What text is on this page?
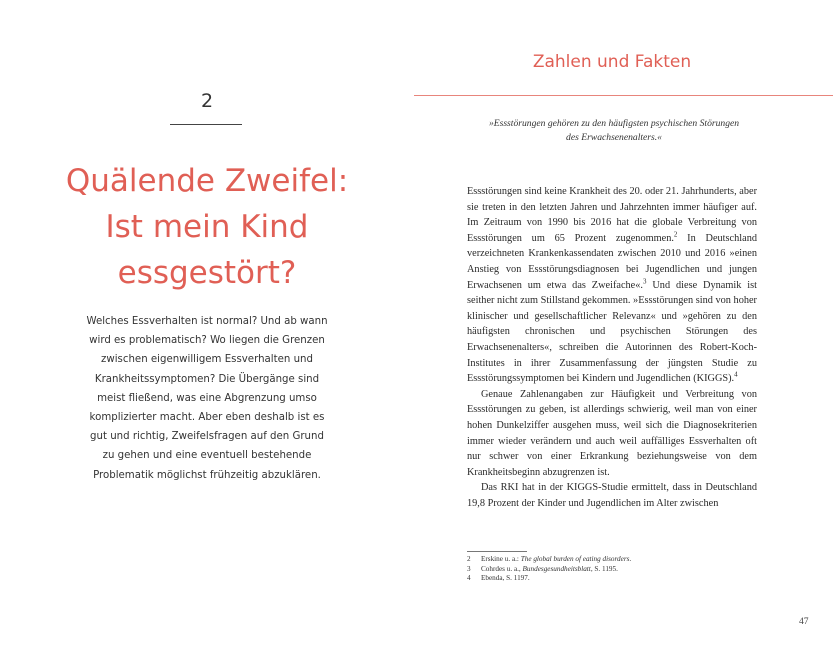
2
Quälende Zweifel:
Ist mein Kind
essgestört?

Welches Essverhalten ist normal? Und ab wann wird es problematisch? Wo liegen die Grenzen zwischen eigenwilligem Essverhalten und Krankheitssymptomen? Die Übergänge sind meist fließend, was eine Abgrenzung umso komplizierter macht. Aber eben deshalb ist es gut und richtig, Zweifelsfragen auf den Grund zu gehen und eine eventuell bestehende Problematik möglichst frühzeitig abzuklären.

Zahlen und Fakten

»Essstörungen gehören zu den häufigsten psychischen Störungen des Erwachsenenalters.«

Essstörungen sind keine Krankheit des 20. oder 21. Jahrhunderts, aber sie treten in den letzten Jahren und Jahrzehnten immer häufiger auf. Im Zeitraum von 1990 bis 2016 hat die globale Verbreitung von Essstörungen um 65 Prozent zugenommen.$^2$ In Deutschland verzeichneten Krankenkassendaten zwischen 2010 und 2016 »einen Anstieg von Essstörungsdiagnosen bei Jugendlichen und jungen Erwachsenen um etwa das Zweifache«.$^3$ Und diese Dynamik ist seither nicht zum Stillstand gekommen. »Essstörungen sind von hoher klinischer und gesellschaftlicher Relevanz« und »gehören zu den häufigsten chronischen und psychischen Störungen des Erwachsenenalters«, schreiben die Autorinnen des Robert-Koch-Institutes in ihrer Zusammenfassung der jüngsten Studie zu Essstörungssymptomen bei Kindern und Jugendlichen (KIGGS).$^4$

Genaue Zahlenangaben zur Häufigkeit und Verbreitung von Essstörungen zu geben, ist allerdings schwierig, weil man von einer hohen Dunkelziffer ausgehen muss, weil sich die Diagnosekriterien immer wieder verändern und auch weil auffälliges Essverhalten oft nur schwer von einer Erkrankung beziehungsweise von dem Krankheitsbeginn abzugrenzen ist.

Das RKI hat in der KIGGS-Studie ermittelt, dass in Deutschland 19,8 Prozent der Kinder und Jugendlichen im Alter zwischen

2 Erskine u. a.: The global burden of eating disorders.
3 Cohrdes u. a., Bundesgesundheitsblatt, S. 1195.
4 Ebenda, S. 1197.
47
